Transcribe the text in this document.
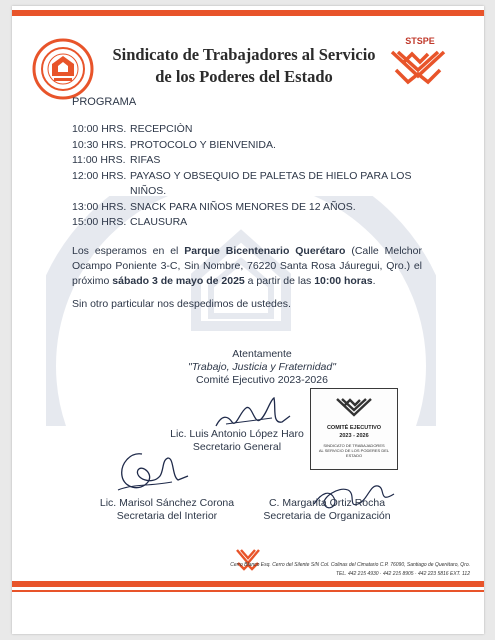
Sindicato de Trabajadores al Servicio
de los Poderes del Estado
STSPE
PROGRAMA
10:00 HRS. RECEPCIÒN
10:30 HRS. PROTOCOLO Y BIENVENIDA.
11:00 HRS. RIFAS
12:00 HRS. PAYASO Y OBSEQUIO DE PALETAS DE HIELO PARA LOS NIÑOS.
13:00 HRS. SNACK PARA NIÑOS MENORES DE 12 AÑOS.
15:00 HRS. CLAUSURA
Los esperamos en el Parque Bicentenario Querétaro (Calle Melchor Ocampo Poniente 3-C, Sin Nombre, 76220 Santa Rosa Jáuregui, Qro.) el próximo sábado 3 de mayo de 2025 a partir de las 10:00 horas.
Sin otro particular nos despedimos de ustedes.
Atentamente
"Trabajo, Justicia y Fraternidad"
Comité Ejecutivo 2023-2026
Lic. Luis Antonio López Haro
Secretario General
Lic. Marisol Sánchez Corona
Secretaria del Interior
C. Margarita Ortiz Rocha
Secretaria de Organización
COMITÉ EJECUTIVO
2023 - 2026
SINDICATO DE TRABAJADORES
AL SERVICIO DE LOS PODERES DEL ESTADO
Cerro Blanco Esq. Cerro del Silente S/N Col. Colinas del Cimatario C.P. 76090, Santiago de Querétaro, Qro.
TEL. 442 215 4930 · 442 215 8905 · 442 223 5816 EXT. 112
